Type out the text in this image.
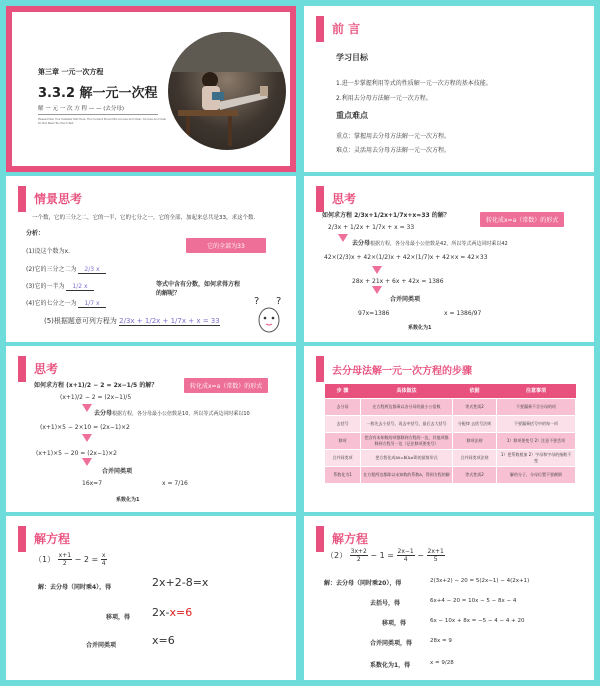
第三章 一元一次方程
3.3.2 解一元一次程
解 一 元 一 次 方 程 — — (去分母)
Please Enter Your Detailed Text Here. The Content Should Be Concise And Clear. Concise And Clear Do Not Need Too Much Text
前 言
学习目标
1.进一步掌握利用等式的性质解一元一次方程的基本技能。
2.利用去分母方法解一元一次方程。
重点难点
重点：掌握用去分母方法解一元一次方程。
难点：灵活用去分母方法解一元一次方程。
情景思考
一个数，它的三分之二，它的一半，它的七分之一，它的全部，加起来总共是33，求这个数.
分析：
它的全部为33
(1)设这个数为x.
(2)它的三分之二为 2/3 x
(3)它的一半为 1/2 x
(4)它的七分之一为 1/7 x
(5)根据题意可列方程为 2/3x + 1/2x + 1/7x + x = 33
等式中含有分数，如何求得方程的解呢？
? ?
思考
如何求方程 2/3x+1/2x+1/7x+x=33 的解？
转化成x=a（常数）的形式
2/3x + 1/2x + 1/7x + x = 33
去分母根据方程，各分母最小公倍数是42，所以等式两边同时乘以42
42×(2/3)x + 42×(1/2)x + 42×(1/7)x + 42×x = 42×33
28x + 21x + 6x + 42x = 1386
合并同类项
97x=1386	x = 1386/97
系数化为1
思考
如何求方程 (x+1)/2 − 2 = 2x−1/5 的解？	转化成x=a（常数）的形式
(x+1)/2 − 2 = (2x−1)/5
去分母根据方程，各分母最小公倍数是10，所以等式两边同时乘以10
(x+1)×5 − 2×10 = (2x−1)×2
(x+1)×5 − 20 = (2x−1)×2
合并同类项
16x=7	x = 7/16
系数化为1
去分母法解一元一次方程的步骤
步 骤	具体做法	依据	注意事项
去分母	在方程两边都乘以各分母的最小公倍数	等式性质2	不要漏乘不含分母的项
去括号	一般先去小括号，再去中括号，最后去大括号	分配律 去括号法则	不要漏乘括号中的每一项
移项	把含有未知数的项都移到方程的一边，其他项都移到方程另一边（记住移项要变号）	移项法则	1）移项要变号 2）注意不要丢项
合并同类项	把方程化成ax=b(a≠0)的最简形式	合并同类项法则	1）把系数相加 2）字母和字母的指数不变
系数化为1	在方程两边都除以未知数的系数a，得到方程的解	等式性质2	解的分子，分母位置不要颠倒
解方程
$(1) \frac{x+1}{2} - 2 = \frac{x}{4}$
解：去分母（同时乘4），得	2x+2-8=x
移项，得 2x-x=6
合并同类项	x=6
解方程
$(2) \frac{3x+2}{2} - 1 = \frac{2x-1}{4} - \frac{2x+1}{5}$
解：去分母（同时乘20），得	2(3x+2) − 20 = 5(2x−1) − 4(2x+1)
去括号，得	6x+4 − 20 = 10x − 5 − 8x − 4
移项，得	6x − 10x + 8x = −5 − 4 − 4 + 20
合并同类项，得	28x = 9
系数化为1，得	x = 9/28
